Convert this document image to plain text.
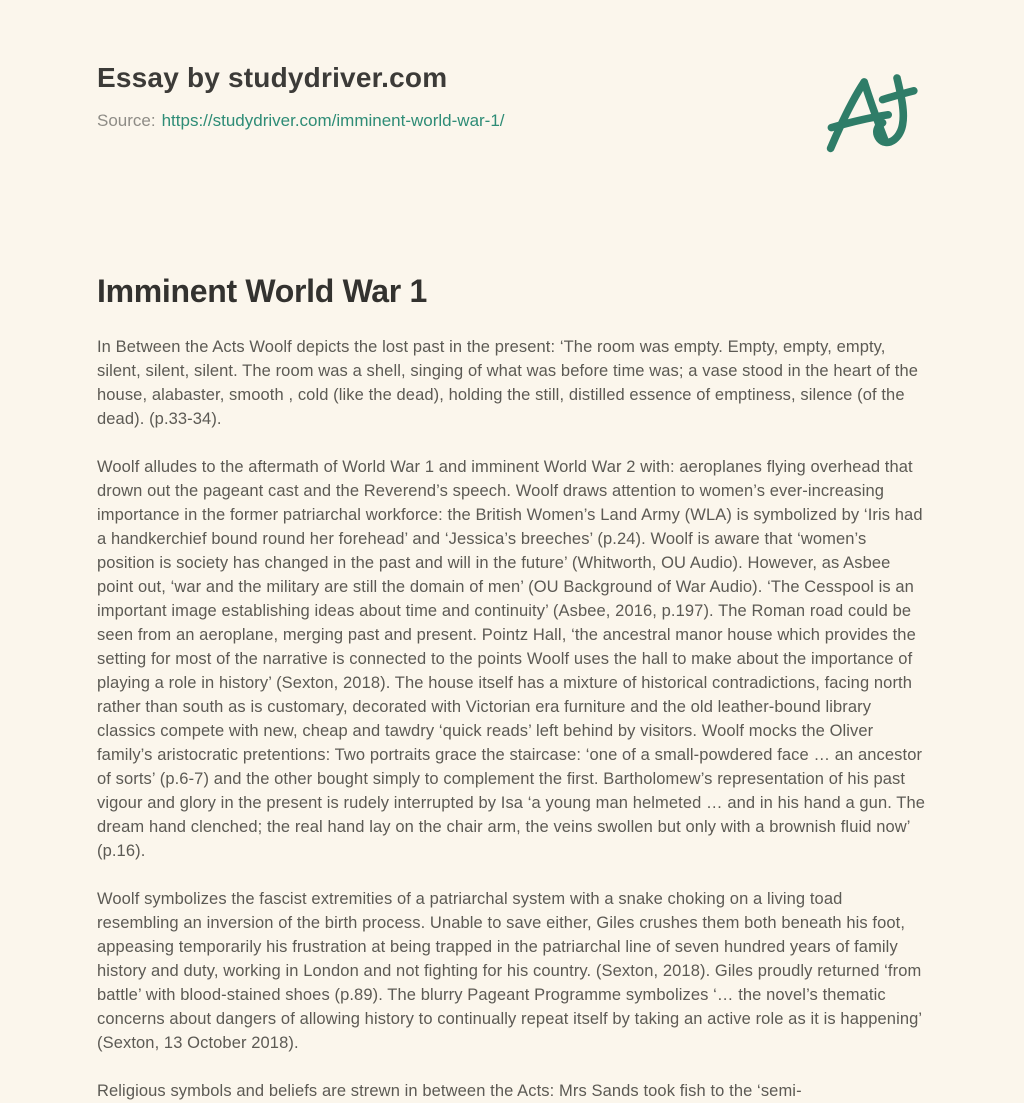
Essay by studydriver.com
Source: https://studydriver.com/imminent-world-war-1/
Imminent World War 1

In Between the Acts Woolf depicts the lost past in the present: ‘The room was empty. Empty, empty, empty, silent, silent, silent. The room was a shell, singing of what was before time was; a vase stood in the heart of the house, alabaster, smooth , cold (like the dead), holding the still, distilled essence of emptiness, silence (of the dead). (p.33-34).

Woolf alludes to the aftermath of World War 1 and imminent World War 2 with: aeroplanes flying overhead that drown out the pageant cast and the Reverend’s speech. Woolf draws attention to women’s ever-increasing importance in the former patriarchal workforce: the British Women’s Land Army (WLA) is symbolized by ‘Iris had a handkerchief bound round her forehead’ and ‘Jessica’s breeches’ (p.24). Woolf is aware that ‘women’s position is society has changed in the past and will in the future’ (Whitworth, OU Audio). However, as Asbee point out, ‘war and the military are still the domain of men’ (OU Background of War Audio). ‘The Cesspool is an important image establishing ideas about time and continuity’ (Asbee, 2016, p.197). The Roman road could be seen from an aeroplane, merging past and present. Pointz Hall, ‘the ancestral manor house which provides the setting for most of the narrative is connected to the points Woolf uses the hall to make about the importance of playing a role in history’ (Sexton, 2018). The house itself has a mixture of historical contradictions, facing north rather than south as is customary, decorated with Victorian era furniture and the old leather-bound library classics compete with new, cheap and tawdry ‘quick reads’ left behind by visitors. Woolf mocks the Oliver family’s aristocratic pretentions: Two portraits grace the staircase: ‘one of a small-powdered face … an ancestor of sorts’ (p.6-7) and the other bought simply to complement the first. Bartholomew’s representation of his past vigour and glory in the present is rudely interrupted by Isa ‘a young man helmeted … and in his hand a gun. The dream hand clenched; the real hand lay on the chair arm, the veins swollen but only with a brownish fluid now’ (p.16).

Woolf symbolizes the fascist extremities of a patriarchal system with a snake choking on a living toad resembling an inversion of the birth process. Unable to save either, Giles crushes them both beneath his foot, appeasing temporarily his frustration at being trapped in the patriarchal line of seven hundred years of family history and duty, working in London and not fighting for his country. (Sexton, 2018). Giles proudly returned ‘from battle’ with blood-stained shoes (p.89). The blurry Pageant Programme symbolizes ‘… the novel’s thematic concerns about dangers of allowing history to continually repeat itself by taking an active role as it is happening’ (Sexton, 13 October 2018).

Religious symbols and beliefs are strewn in between the Acts: Mrs Sands took fish to the ‘semi-
